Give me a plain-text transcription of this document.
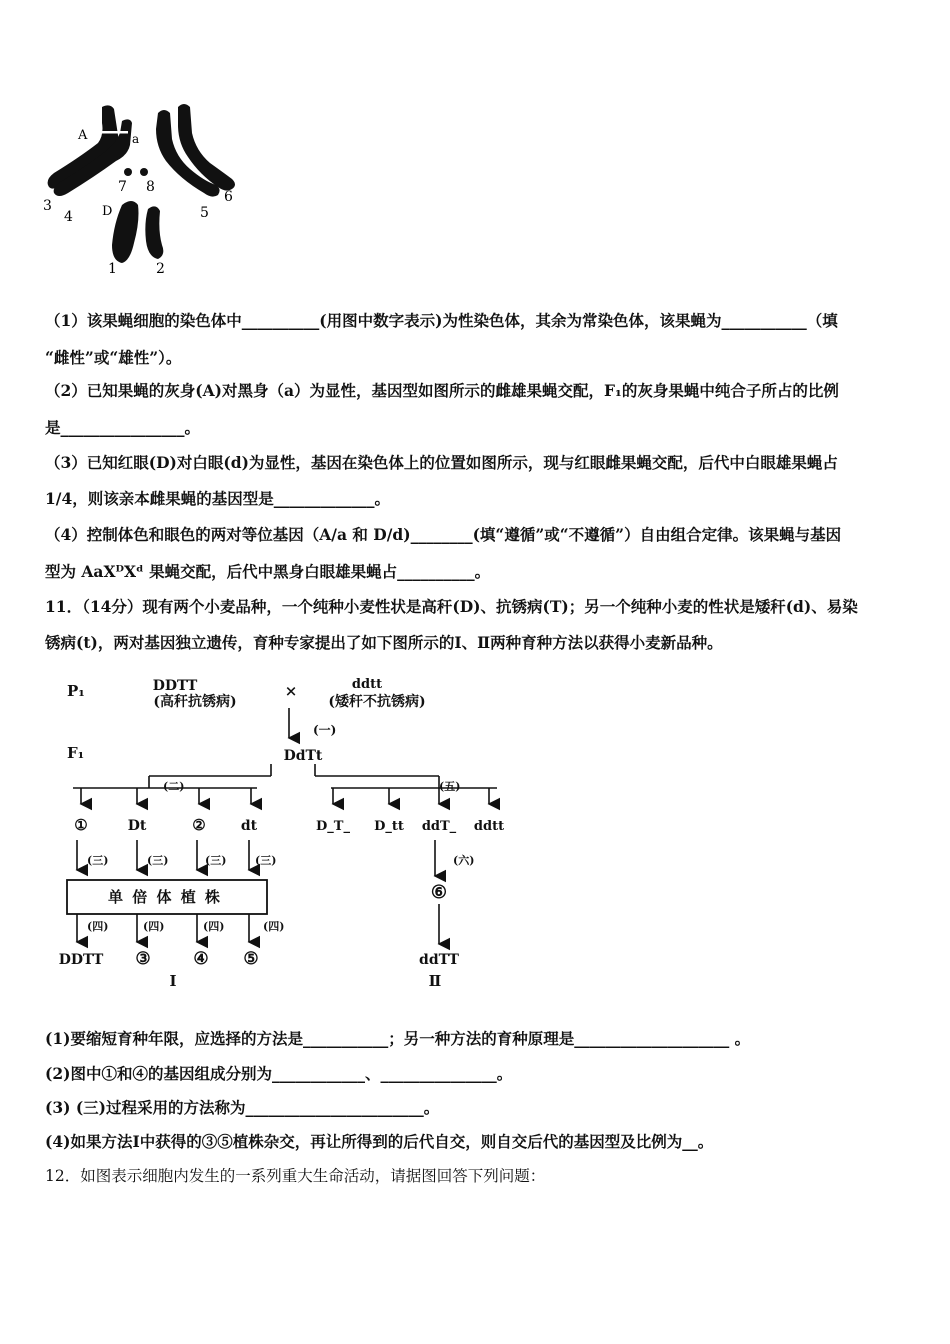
A	a
3
4
7 8
D	5
6
1	2
（1）该果蝇细胞的染色体中__________(用图中数字表示)为性染色体，其余为常染色体，该果蝇为___________（填
“雌性”或“雄性”）。
（2）已知果蝇的灰身(A)对黑身（a）为显性，基因型如图所示的雌雄果蝇交配，F₁的灰身果蝇中纯合子所占的比例
是________________。
（3）已知红眼(D)对白眼(d)为显性，基因在染色体上的位置如图所示，现与红眼雌果蝇交配，后代中白眼雄果蝇占
1/4，则该亲本雌果蝇的基因型是_____________。
（4）控制体色和眼色的两对等位基因（A/a 和 D/d)________(填“遵循”或“不遵循”）自由组合定律。该果蝇与基因
型为 AaXᴰXᵈ 果蝇交配，后代中黑身白眼雄果蝇占__________。
11．（14分）现有两个小麦品种，一个纯种小麦性状是高秆(D)、抗锈病(T)；另一个纯种小麦的性状是矮秆(d)、易染
锈病(t)，两对基因独立遗传，育种专家提出了如下图所示的Ⅰ、Ⅱ两种育种方法以获得小麦新品种。
P₁	DDTT
(高秆抗锈病)
×	ddtt
(矮秆不抗锈病)
(一)
F₁	DdTt
(二)	(五)
①	Dt	②	dt	D_T_ D_tt ddT_ ddtt
(三)	(三)	(三)	(三)	(六)
单 倍 体 植 株	⑥
(四)	(四)	(四)	(四)
DDTT ③	④ ⑤	ddTT
Ⅰ	Ⅱ
(1)要缩短育种年限，应选择的方法是___________；另一种方法的育种原理是____________________ 。
(2)图中①和④的基因组成分别为____________、_______________。
(3) (三)过程采用的方法称为_______________________。
(4)如果方法Ⅰ中获得的③⑤植株杂交，再让所得到的后代自交，则自交后代的基因型及比例为__。
12．如图表示细胞内发生的一系列重大生命活动，请据图回答下列问题：
